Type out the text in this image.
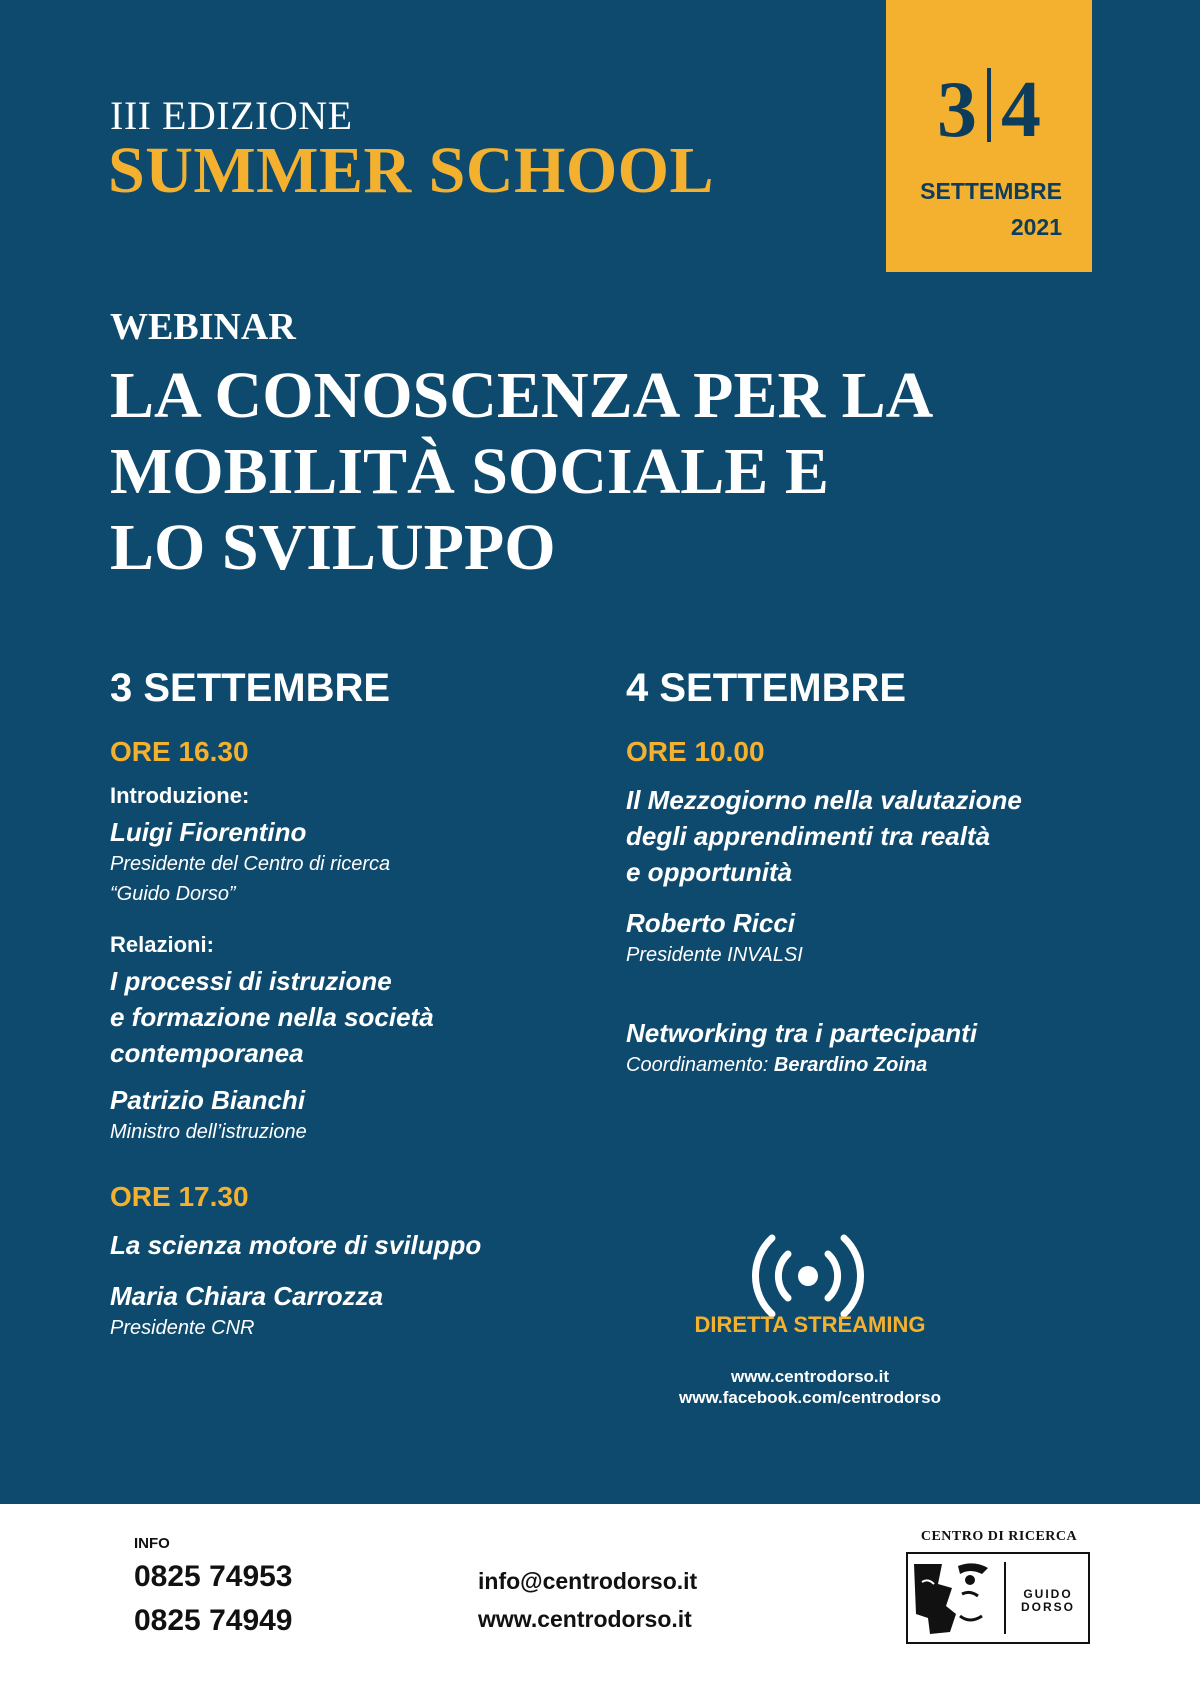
III EDIZIONE
SUMMER SCHOOL
3 4
SETTEMBRE
2021
WEBINAR
LA CONOSCENZA PER LA
MOBILITÀ SOCIALE E
LO SVILUPPO
3 SETTEMBRE
ORE 16.30
Introduzione:
Luigi Fiorentino
Presidente del Centro di ricerca
“Guido Dorso”
Relazioni:
I processi di istruzione
e formazione nella società
contemporanea
Patrizio Bianchi
Ministro dell’istruzione
ORE 17.30
La scienza motore di sviluppo
Maria Chiara Carrozza
Presidente CNR
4 SETTEMBRE
ORE 10.00
Il Mezzogiorno nella valutazione
degli apprendimenti tra realtà
e opportunità
Roberto Ricci
Presidente INVALSI
Networking tra i partecipanti
Coordinamento: Berardino Zoina
DIRETTA STREAMING
www.centrodorso.it
www.facebook.com/centrodorso
INFO
0825 74953
0825 74949
info@centrodorso.it
www.centrodorso.it
CENTRO DI RICERCA
GUIDO
DORSO
